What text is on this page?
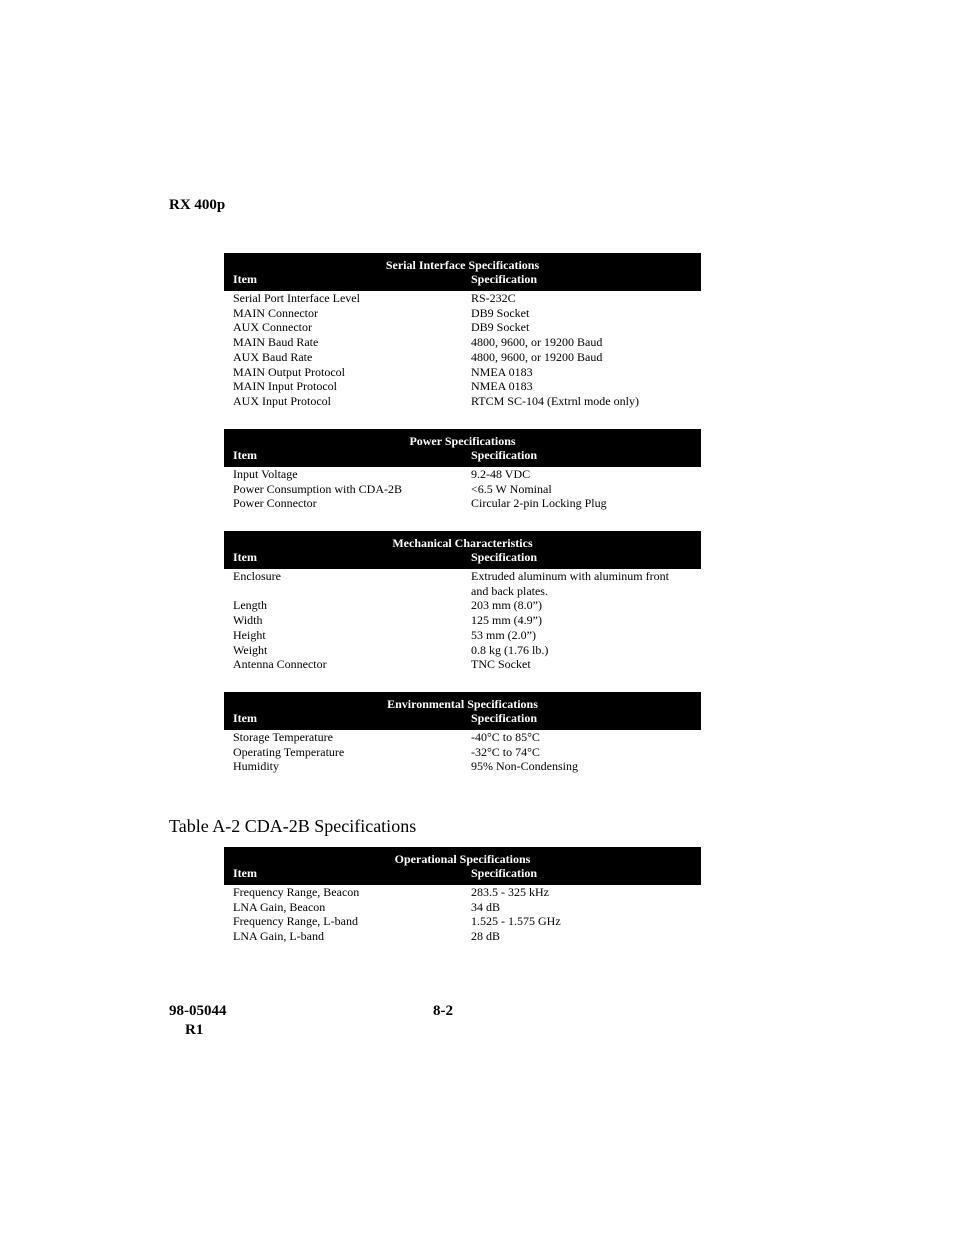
RX 400p
Serial Interface Specifications
Item	Specification
Serial Port Interface Level	RS-232C
MAIN Connector	DB9 Socket
AUX Connector	DB9 Socket
MAIN Baud Rate	4800, 9600, or 19200 Baud
AUX Baud Rate	4800, 9600, or 19200 Baud
MAIN Output Protocol	NMEA 0183
MAIN Input Protocol	NMEA 0183
AUX Input Protocol	RTCM SC-104 (Extrnl mode only)
Power Specifications
Item	Specification
Input Voltage	9.2-48 VDC
Power Consumption with CDA-2B	<6.5 W Nominal
Power Connector	Circular 2-pin Locking Plug
Mechanical Characteristics
Item	Specification
Enclosure	Extruded aluminum with aluminum front and back plates.
Length	203 mm (8.0”)
Width	125 mm (4.9”)
Height	53 mm (2.0”)
Weight	0.8 kg (1.76 lb.)
Antenna Connector	TNC Socket
Environmental Specifications
Item	Specification
Storage Temperature	-40°C to 85°C
Operating Temperature	-32°C to 74°C
Humidity	95% Non-Condensing
Table A-2 CDA-2B Specifications
Operational Specifications
Item	Specification
Frequency Range, Beacon	283.5 - 325 kHz
LNA Gain, Beacon	34 dB
Frequency Range, L-band	1.525 - 1.575 GHz
LNA Gain, L-band	28 dB
98-05044
R1
8-2
